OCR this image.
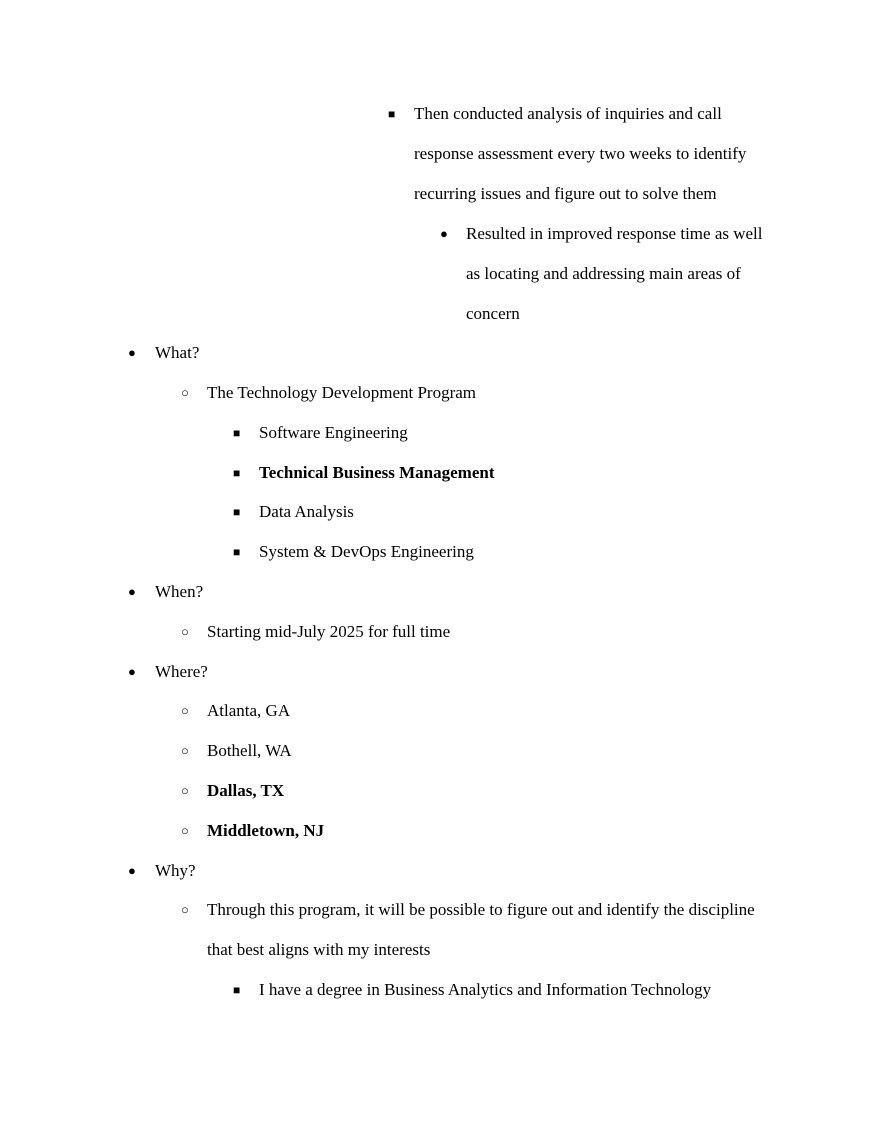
■ Then conducted analysis of inquiries and call
response assessment every two weeks to identify
recurring issues and figure out to solve them
● Resulted in improved response time as well
as locating and addressing main areas of
concern
● What?
○ The Technology Development Program
■ Software Engineering
■ Technical Business Management
■ Data Analysis
■ System & DevOps Engineering
● When?
○ Starting mid-July 2025 for full time
● Where?
○ Atlanta, GA
○ Bothell, WA
○ Dallas, TX
○ Middletown, NJ
● Why?
○ Through this program, it will be possible to figure out and identify the discipline
that best aligns with my interests
■ I have a degree in Business Analytics and Information Technology
